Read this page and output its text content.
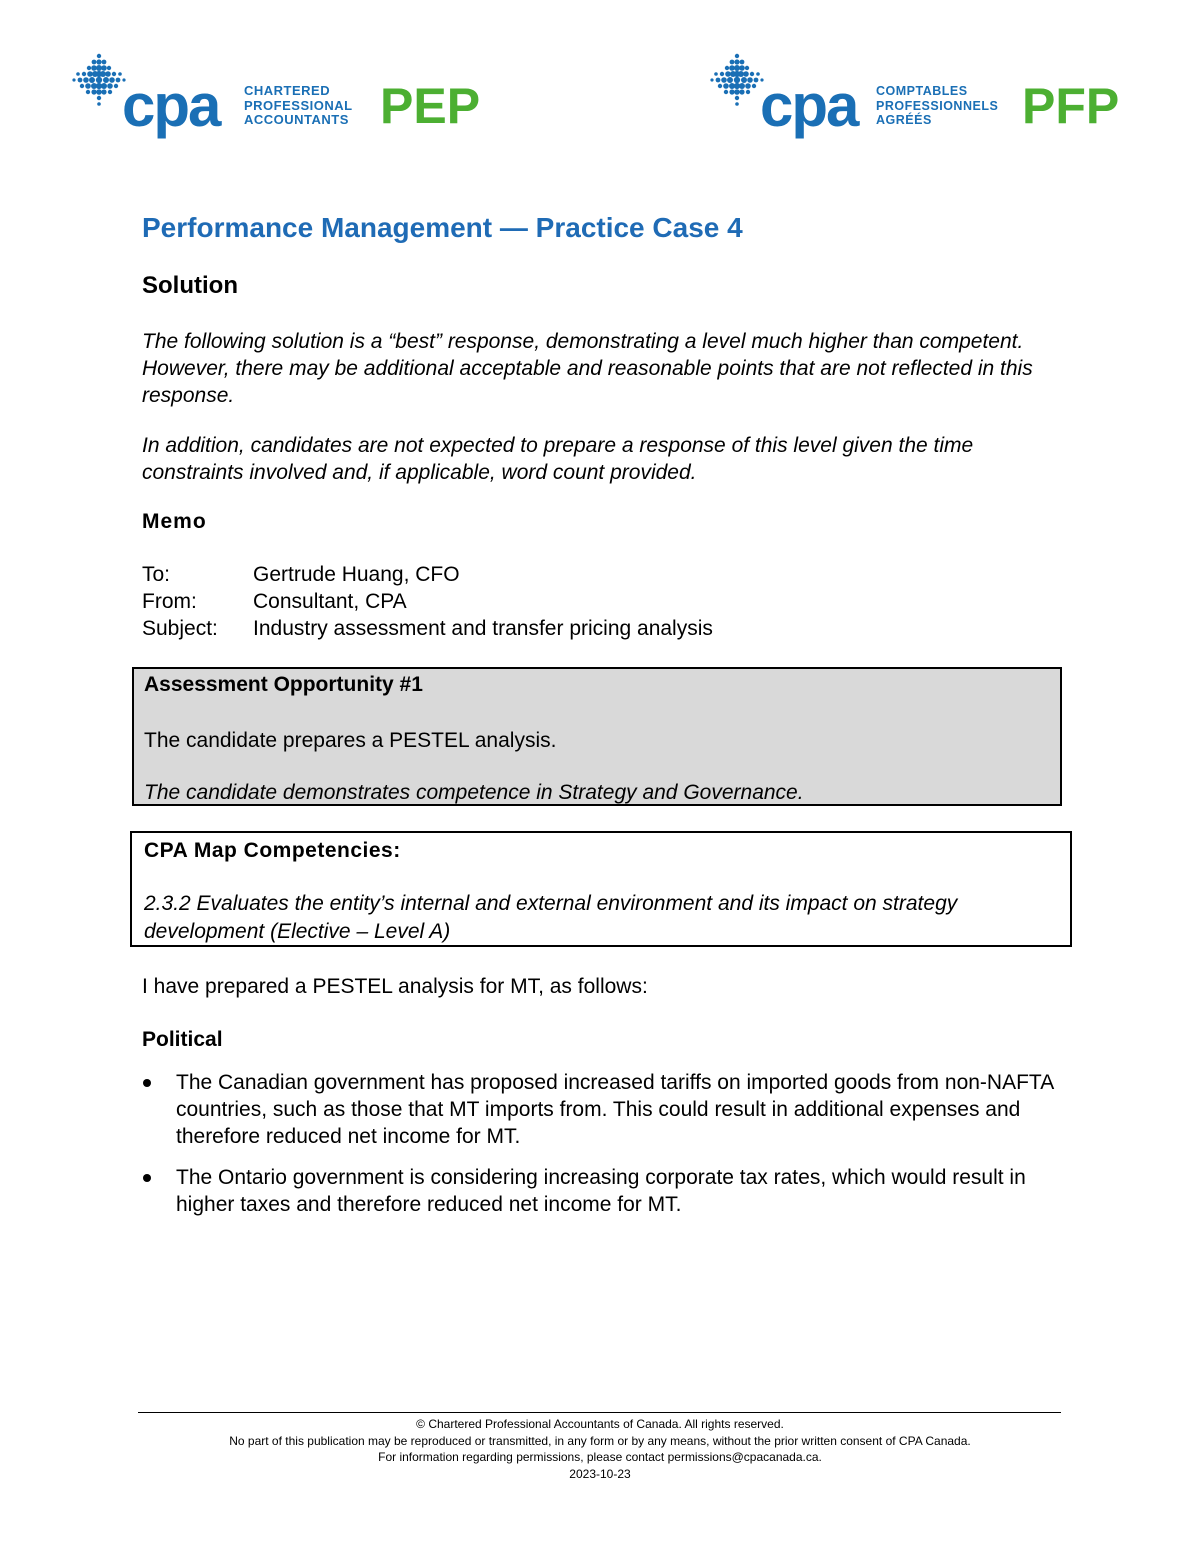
cpa CHARTERED
PROFESSIONAL
ACCOUNTANTS PEP	cpa COMPTABLES
PROFESSIONNELS
AGRÉÉS	PFP
Performance Management — Practice Case 4
Solution

The following solution is a “best” response, demonstrating a level much higher than competent. However, there may be additional acceptable and reasonable points that are not reflected in this response.

In addition, candidates are not expected to prepare a response of this level given the time constraints involved and, if applicable, word count provided.

Memo
To:	Gertrude Huang, CFO
From:	Consultant, CPA
Subject: Industry assessment and transfer pricing analysis
Assessment Opportunity #1
The candidate prepares a PESTEL analysis.
The candidate demonstrates competence in Strategy and Governance.
CPA Map Competencies:
2.3.2 Evaluates the entity’s internal and external environment and its impact on strategy development (Elective – Level A)
I have prepared a PESTEL analysis for MT, as follows:
Political
The Canadian government has proposed increased tariffs on imported goods from non-NAFTA countries, such as those that MT imports from. This could result in additional expenses and therefore reduced net income for MT.
The Ontario government is considering increasing corporate tax rates, which would result in higher taxes and therefore reduced net income for MT.
© Chartered Professional Accountants of Canada. All rights reserved.
No part of this publication may be reproduced or transmitted, in any form or by any means, without the prior written consent of CPA Canada.
For information regarding permissions, please contact permissions@cpacanada.ca.
2023-10-23
